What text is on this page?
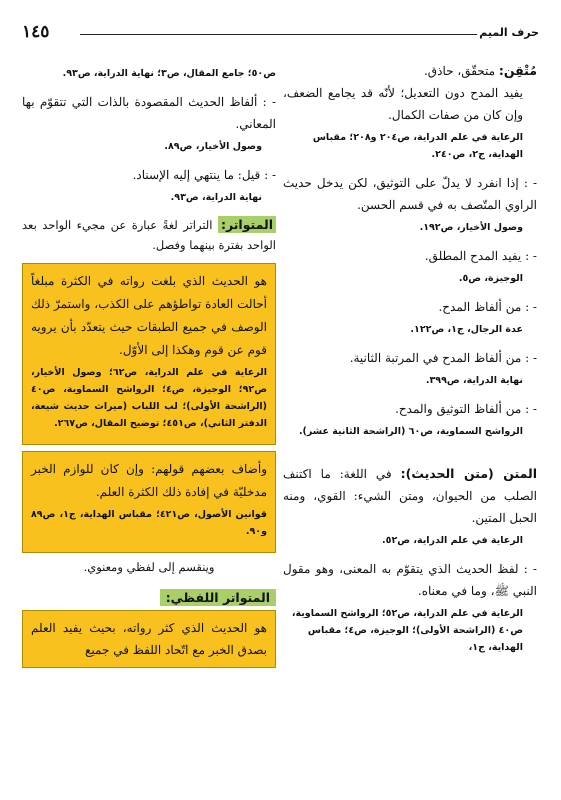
حرف الميم
١٤٥
مُتْقِن: متحقّق، حاذق.
يفيد المدح دون التعديل؛ لأنّه قد يجامع الضعف، وإن كان من صفات الكمال.
الرعاية في علم الدراية، ص٢٠٤ و٢٠٨؛ مقباس الهداية، ج٢، ص٢٤٠.
- : إذا انفرد لا يدلّ على التوثيق، لكن يدخل حديث الراوي المتّصف به في قسم الحسن.
وصول الأخيار، ص١٩٢.
- : يفيد المدح المطلق.
الوجيزة، ص٥.
- : من ألفاظ المدح.
عدة الرجال، ج١، ص١٢٢.
- : من ألفاظ المدح في المرتبة الثانية.
نهاية الدراية، ص٣٩٩.
- : من ألفاظ التوثيق والمدح.
الرواشح السماوية، ص٦٠ (الراشحة الثانية عشر).
المتن (متن الحديث): في اللغة: ما اكتنف الصلب من الحيوان، ومتن الشيء: القوي، ومنه الحبل المتين.
الرعاية في علم الدراية، ص٥٢.
- : لفظ الحديث الذي يتقوّم به المعنى، وهو مقول النبي ﷺ، وما في معناه.
الرعاية في علم الدراية، ص٥٢؛ الرواشح السماوية، ص٤٠ (الراشحة الأولى)؛ الوجيزة، ص٤؛ مقباس الهداية، ج١،
ص٥٠؛ جامع المقال، ص٣؛ نهاية الدراية، ص٩٣.
- : ألفاظ الحديث المقصودة بالذات التي تتقوّم بها المعاني.
وصول الأخيار، ص٨٩.
- : قيل: ما ينتهي إليه الإسناد.
نهاية الدراية، ص٩٣.
المتواتر: التراتر لغةً عبارة عن مجيء الواحد بعد الواحد بفترة بينهما وفصل.
هو الحديث الذي بلغت رواته في الكثرة مبلغاً أحالت العادة تواطؤهم على الكذب، واستمرّ ذلك الوصف في جميع الطبقات حيث يتعدّد بأن يرويه قوم عن قوم وهكذا إلى الأوّل.
الرعاية في علم الدراية، ص٦٢؛ وصول الأخيار، ص٩٢؛ الوجيزة، ص٤؛ الرواشح السماوية، ص٤٠ (الراشحة الأولى)؛ لب اللباب (ميراث حديث شيعة، الدفتر الثاني)، ص٤٥١؛ توضيح المقال، ص٢٦٧.
وأضاف بعضهم قولهم: وإن كان للوازم الخبر مدخليّة في إفادة ذلك الكثرة العلم.
قوانين الأصول، ص٤٢١؛ مقباس الهداية، ج١، ص٨٩ و٩٠.
وينقسم إلى لفظي ومعنوي.
المتواتر اللفظي:
هو الحديث الذي كثر رواته، بحيث يفيد العلم بصدق الخبر مع اتّحاد اللفظ في جميع
